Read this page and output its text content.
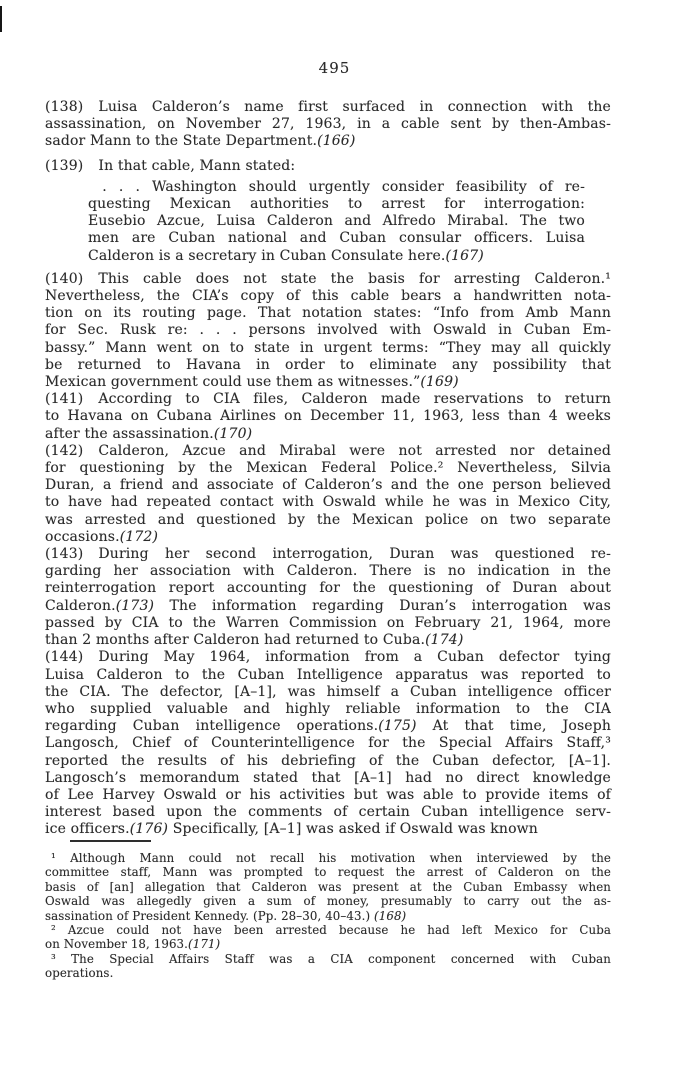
495
(138) Luisa Calderon’s name first surfaced in connection with the
assassination, on November 27, 1963, in a cable sent by then-Ambas-
sador Mann to the State Department.(166)
(139) In that cable, Mann stated:
  . . . Washington should urgently consider feasibility of re-
questing Mexican authorities to arrest for interrogation:
Eusebio Azcue, Luisa Calderon and Alfredo Mirabal. The two
men are Cuban national and Cuban consular officers. Luisa
Calderon is a secretary in Cuban Consulate here.(167)
(140) This cable does not state the basis for arresting Calderon.¹
Nevertheless, the CIA’s copy of this cable bears a handwritten nota-
tion on its routing page. That notation states: “Info from Amb Mann
for Sec. Rusk re: . . . persons involved with Oswald in Cuban Em-
bassy.” Mann went on to state in urgent terms: “They may all quickly
be returned to Havana in order to eliminate any possibility that
Mexican government could use them as witnesses.”(169)
(141) According to CIA files, Calderon made reservations to return
to Havana on Cubana Airlines on December 11, 1963, less than 4 weeks
after the assassination.(170)
(142) Calderon, Azcue and Mirabal were not arrested nor detained
for questioning by the Mexican Federal Police.² Nevertheless, Silvia
Duran, a friend and associate of Calderon’s and the one person believed
to have had repeated contact with Oswald while he was in Mexico City,
was arrested and questioned by the Mexican police on two separate
occasions.(172)
(143) During her second interrogation, Duran was questioned re-
garding her association with Calderon. There is no indication in the
reinterrogation report accounting for the questioning of Duran about
Calderon.(173) The information regarding Duran’s interrogation was
passed by CIA to the Warren Commission on February 21, 1964, more
than 2 months after Calderon had returned to Cuba.(174)
(144) During May 1964, information from a Cuban defector tying
Luisa Calderon to the Cuban Intelligence apparatus was reported to
the CIA. The defector, [A–1], was himself a Cuban intelligence officer
who supplied valuable and highly reliable information to the CIA
regarding Cuban intelligence operations.(175) At that time, Joseph
Langosch, Chief of Counterintelligence for the Special Affairs Staff,³
reported the results of his debriefing of the Cuban defector, [A–1].
Langosch’s memorandum stated that [A–1] had no direct knowledge
of Lee Harvey Oswald or his activities but was able to provide items of
interest based upon the comments of certain Cuban intelligence serv-
ice officers.(176) Specifically, [A–1] was asked if Oswald was known
 ¹ Although Mann could not recall his motivation when interviewed by the
committee staff, Mann was prompted to request the arrest of Calderon on the
basis of [an] allegation that Calderon was present at the Cuban Embassy when
Oswald was allegedly given a sum of money, presumably to carry out the as-
sassination of President Kennedy. (Pp. 28–30, 40–43.) (168)
 ² Azcue could not have been arrested because he had left Mexico for Cuba
on November 18, 1963.(171)
 ³ The Special Affairs Staff was a CIA component concerned with Cuban
operations.
